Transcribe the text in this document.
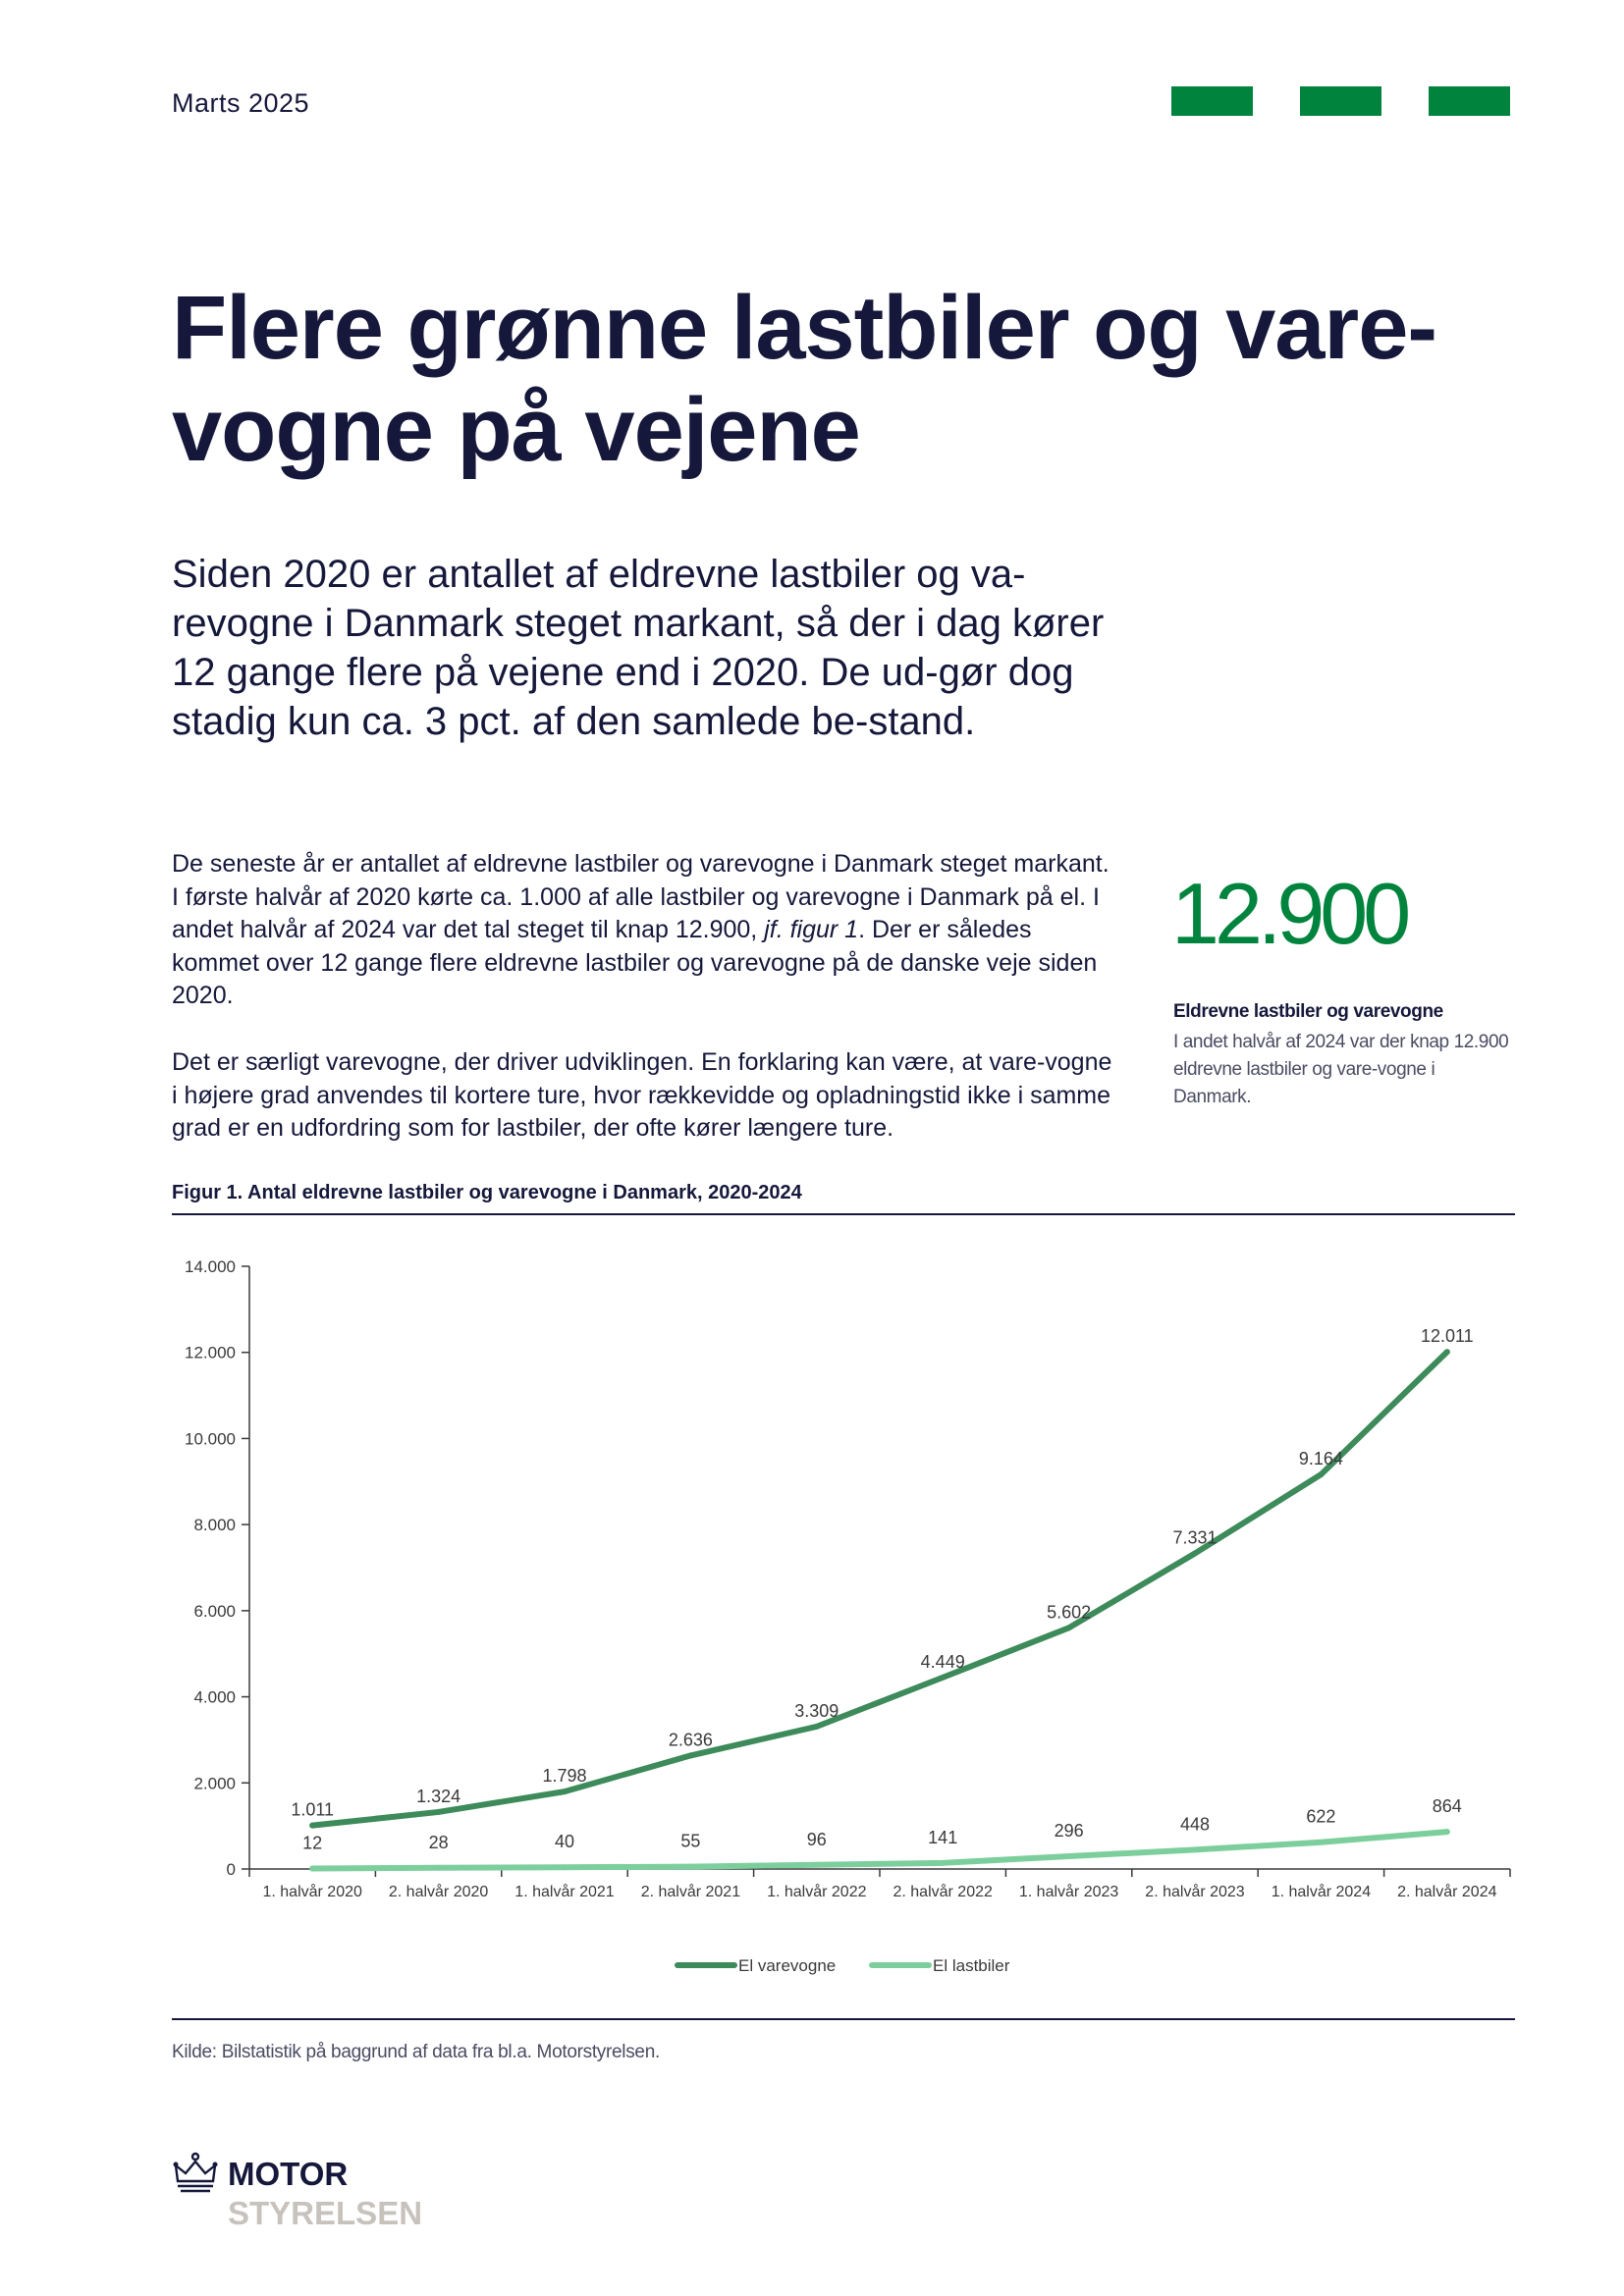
Marts 2025
Flere grønne lastbiler og vare-vogne på vejene

Siden 2020 er antallet af eldrevne lastbiler og va-revogne i Danmark steget markant, så der i dag kører 12 gange flere på vejene end i 2020. De ud-gør dog stadig kun ca. 3 pct. af den samlede be-stand.

De seneste år er antallet af eldrevne lastbiler og varevogne i Danmark steget markant. I første halvår af 2020 kørte ca. 1.000 af alle lastbiler og varevogne i Danmark på el. I andet halvår af 2024 var det tal steget til knap 12.900, jf. figur 1. Der er således kommet over 12 gange flere eldrevne lastbiler og varevogne på de danske veje siden 2020.

Det er særligt varevogne, der driver udviklingen. En forklaring kan være, at vare-vogne i højere grad anvendes til kortere ture, hvor rækkevidde og opladningstid ikke i samme grad er en udfordring som for lastbiler, der ofte kører længere ture.

12.900
Eldrevne lastbiler og varevogne

I andet halvår af 2024 var der knap 12.900 eldrevne lastbiler og vare-vogne i Danmark.

Figur 1. Antal eldrevne lastbiler og varevogne i Danmark, 2020-2024
0
2.000
4.000
6.000
8.000
10.000
12.000
14.000
1. halvår 2020 2. halvår 2020 1. halvår 2021 2. halvår 2021 1. halvår 2022 2. halvår 2022 1. halvår 2023 2. halvår 2023 1. halvår 2024 2. halvår 2024
1.011
1.324
1.798
2.636
3.309
4.449
5.602
7.331
9.164
12.011
12	28	40	55	96	141	296	448	622
864
El varevogne	El lastbiler
Kilde: Bilstatistik på baggrund af data fra bl.a. Motorstyrelsen.
MOTOR
STYRELSEN
